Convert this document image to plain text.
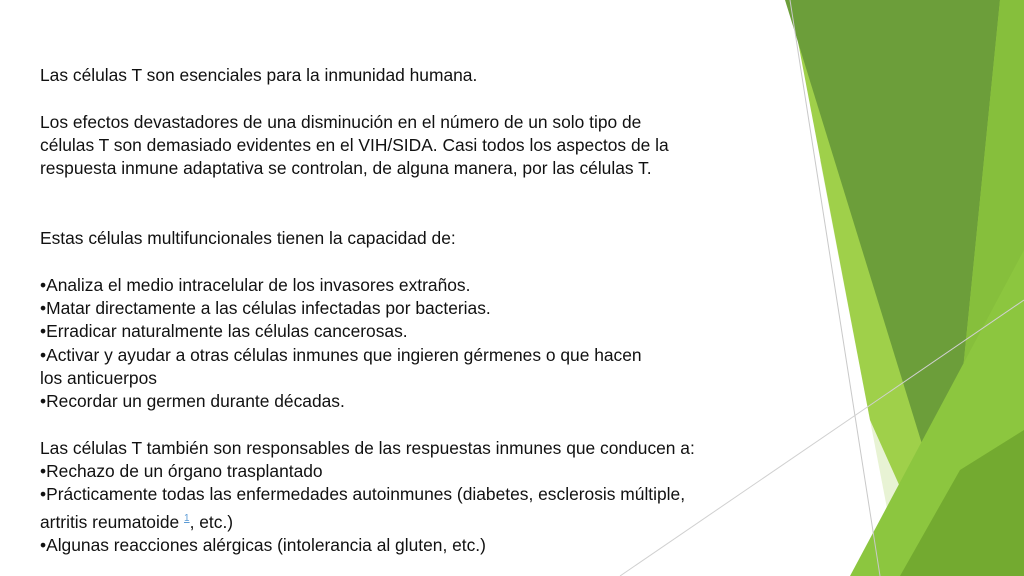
Las células T son esenciales para la inmunidad humana.
Los efectos devastadores de una disminución en el número de un solo tipo de
células T son demasiado evidentes en el VIH/SIDA. Casi todos los aspectos de la
respuesta inmune adaptativa se controlan, de alguna manera, por las células T.
Estas células multifuncionales tienen la capacidad de:
•Analiza el medio intracelular de los invasores extraños.
•Matar directamente a las células infectadas por bacterias.
•Erradicar naturalmente las células cancerosas.
•Activar y ayudar a otras células inmunes que ingieren gérmenes o que hacen
los anticuerpos
•Recordar un germen durante décadas.
Las células T también son responsables de las respuestas inmunes que conducen a:
•Rechazo de un órgano trasplantado
•Prácticamente todas las enfermedades autoinmunes (diabetes, esclerosis múltiple,
artritis reumatoide $^1$, etc.)
•Algunas reacciones alérgicas (intolerancia al gluten, etc.)
